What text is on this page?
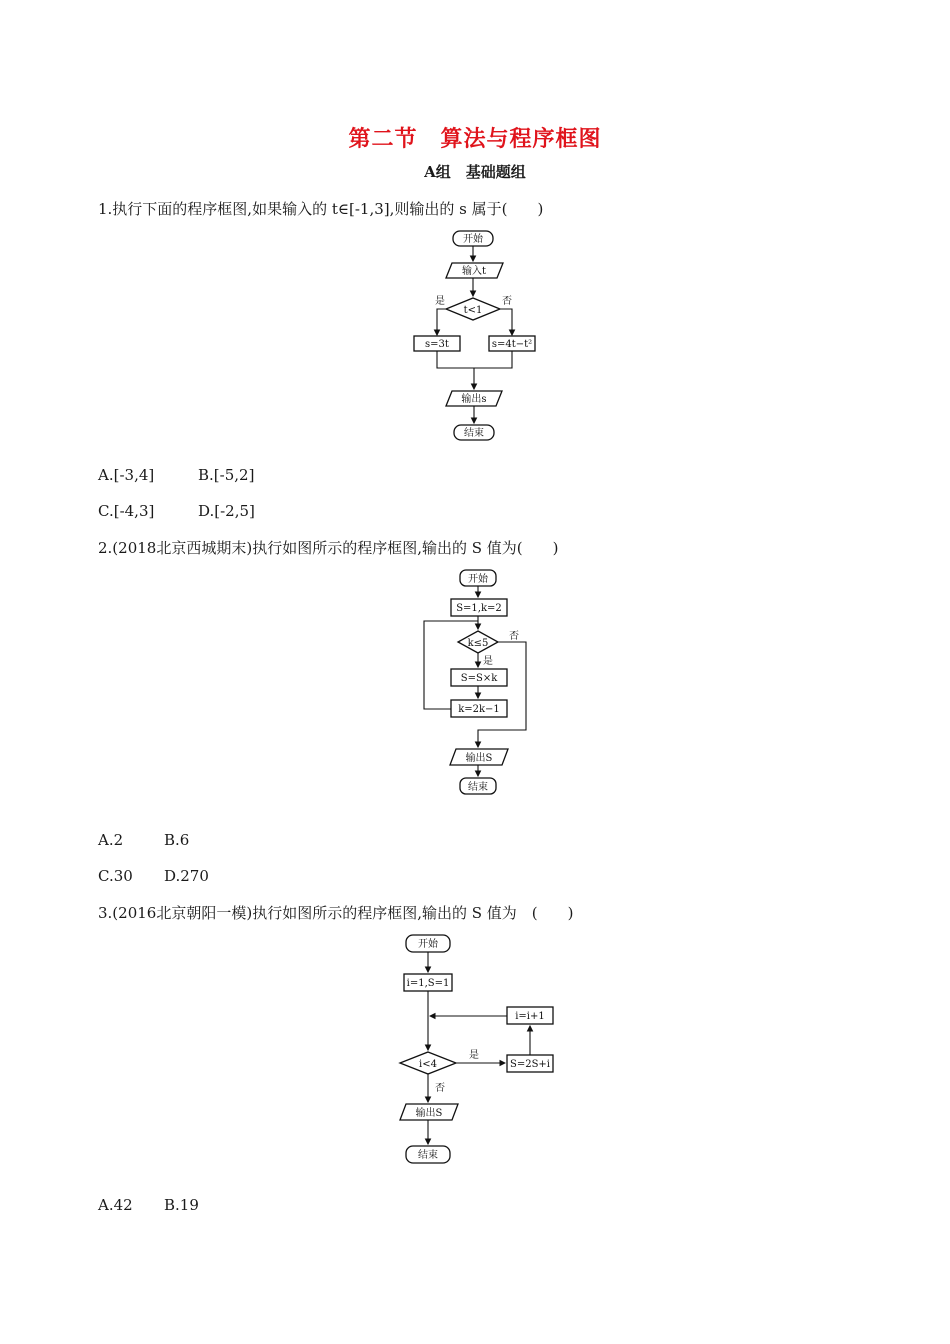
第二节　算法与程序框图
A组　基础题组
1.执行下面的程序框图,如果输入的 t∈[-1,3],则输出的 s 属于(　　)
开始
输入t
t<1
是	否
s=3t	s=4t−t²
输出s
结束
A.[-3,4]	B.[-5,2]
C.[-4,3]	D.[-2,5]
2.(2018北京西城期末)执行如图所示的程序框图,输出的 S 值为(　　)
开始
S=1,k=2
k≤5
否
是
S=S×k
k=2k−1
输出S
结束
A.2	B.6
C.30 D.270
3.(2016北京朝阳一模)执行如图所示的程序框图,输出的 S 值为　(　　)
开始
i=1,S=1
i=i+1
i<4
是
S=2S+i
否
输出S
结束
A.42 B.19
